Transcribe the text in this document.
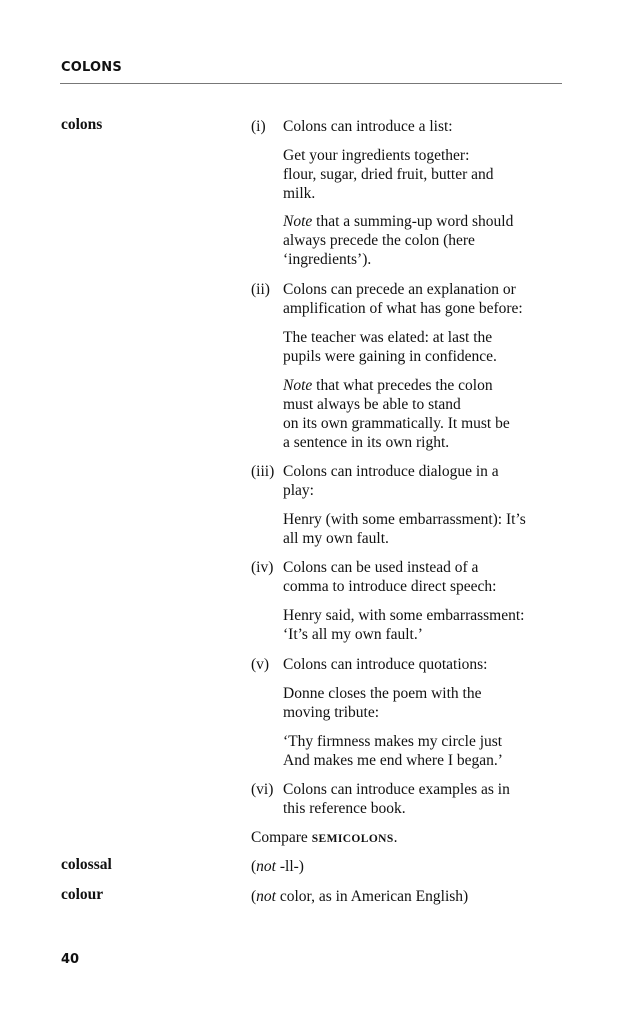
COLONS
colons	(i)	Colons can introduce a list:
Get your ingredients together:
flour, sugar, dried fruit, butter and
milk.
Note that a summing-up word should
always precede the colon (here
‘ingredients’).
(ii) Colons can precede an explanation or
amplification of what has gone before:
The teacher was elated: at last the
pupils were gaining in confidence.
Note that what precedes the colon
must always be able to stand
on its own grammatically. It must be
a sentence in its own right.
(iii) Colons can introduce dialogue in a
play:
Henry (with some embarrassment): It’s
all my own fault.
(iv) Colons can be used instead of a
comma to introduce direct speech:
Henry said, with some embarrassment:
‘It’s all my own fault.’
(v) Colons can introduce quotations:
Donne closes the poem with the
moving tribute:
‘Thy firmness makes my circle just
And makes me end where I began.’
(vi) Colons can introduce examples as in
this reference book.
Compare SEMICOLONS.
colossal	(not -ll-)
colour	(not color, as in American English)
40
